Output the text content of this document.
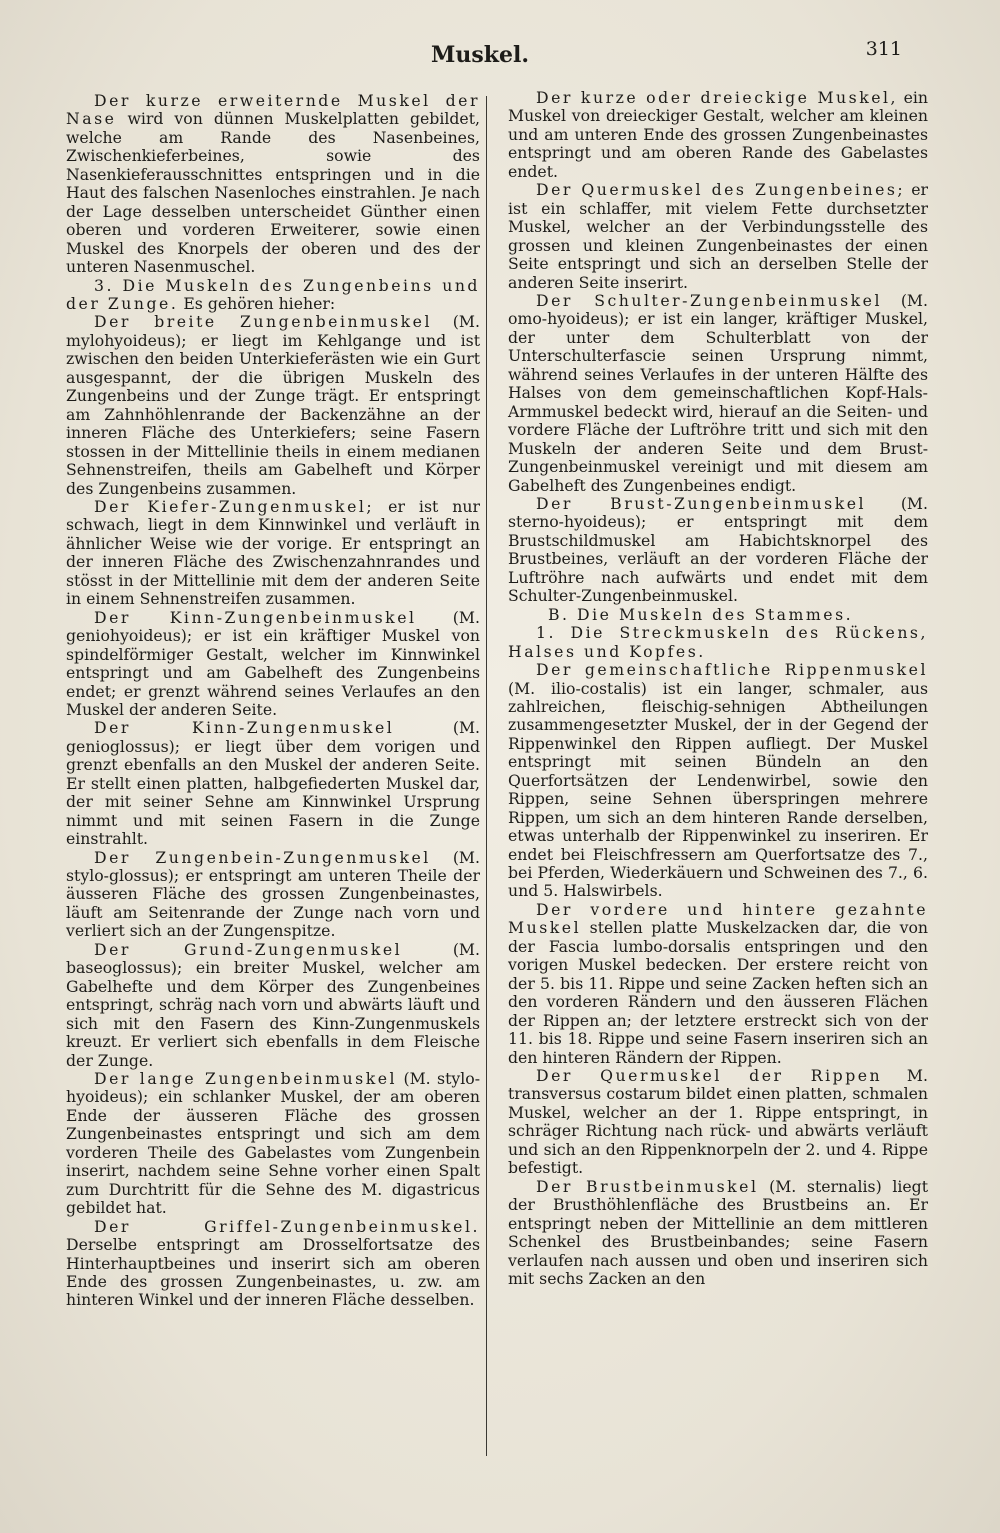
Muskel.	311

Der kurze erweiternde Muskel der Nase wird von dünnen Muskelplatten gebildet, welche am Rande des Nasenbeines, Zwischenkieferbeines, sowie des Nasenkieferausschnittes entspringen und in die Haut des falschen Nasenloches einstrahlen. Je nach der Lage desselben unterscheidet Günther einen oberen und vorderen Erweiterer, sowie einen Muskel des Knorpels der oberen und des der unteren Nasenmuschel.

3. Die Muskeln des Zungenbeins und der Zunge. Es gehören hieher:

Der breite Zungenbeinmuskel (M. mylohyoideus); er liegt im Kehlgange und ist zwischen den beiden Unterkieferästen wie ein Gurt ausgespannt, der die übrigen Muskeln des Zungenbeins und der Zunge trägt. Er entspringt am Zahnhöhlenrande der Backenzähne an der inneren Fläche des Unterkiefers; seine Fasern stossen in der Mittellinie theils in einem medianen Sehnenstreifen, theils am Gabelheft und Körper des Zungenbeins zusammen.

Der Kiefer-Zungenmuskel; er ist nur schwach, liegt in dem Kinnwinkel und verläuft in ähnlicher Weise wie der vorige. Er entspringt an der inneren Fläche des Zwischenzahnrandes und stösst in der Mittellinie mit dem der anderen Seite in einem Sehnenstreifen zusammen.

Der Kinn-Zungenbeinmuskel (M. geniohyoideus); er ist ein kräftiger Muskel von spindelförmiger Gestalt, welcher im Kinnwinkel entspringt und am Gabelheft des Zungenbeins endet; er grenzt während seines Verlaufes an den Muskel der anderen Seite.

Der Kinn-Zungenmuskel (M. genioglossus); er liegt über dem vorigen und grenzt ebenfalls an den Muskel der anderen Seite. Er stellt einen platten, halbgefiederten Muskel dar, der mit seiner Sehne am Kinnwinkel Ursprung nimmt und mit seinen Fasern in die Zunge einstrahlt.

Der Zungenbein-Zungenmuskel (M. stylo-glossus); er entspringt am unteren Theile der äusseren Fläche des grossen Zungenbeinastes, läuft am Seitenrande der Zunge nach vorn und verliert sich an der Zungenspitze.

Der Grund-Zungenmuskel (M. baseoglossus); ein breiter Muskel, welcher am Gabelhefte und dem Körper des Zungenbeines entspringt, schräg nach vorn und abwärts läuft und sich mit den Fasern des Kinn-Zungenmuskels kreuzt. Er verliert sich ebenfalls in dem Fleische der Zunge.

Der lange Zungenbeinmuskel (M. stylo-hyoideus); ein schlanker Muskel, der am oberen Ende der äusseren Fläche des grossen Zungenbeinastes entspringt und sich am dem vorderen Theile des Gabelastes vom Zungenbein inserirt, nachdem seine Sehne vorher einen Spalt zum Durchtritt für die Sehne des M. digastricus gebildet hat.

Der Griffel-Zungenbeinmuskel. Derselbe entspringt am Drosselfortsatze des Hinterhauptbeines und inserirt sich am oberen Ende des grossen Zungenbeinastes, u. zw. am hinteren Winkel und der inneren Fläche desselben.

Der kurze oder dreieckige Muskel, ein Muskel von dreieckiger Gestalt, welcher am kleinen und am unteren Ende des grossen Zungenbeinastes entspringt und am oberen Rande des Gabelastes endet.

Der Quermuskel des Zungenbeines; er ist ein schlaffer, mit vielem Fette durchsetzter Muskel, welcher an der Verbindungsstelle des grossen und kleinen Zungenbeinastes der einen Seite entspringt und sich an derselben Stelle der anderen Seite inserirt.

Der Schulter-Zungenbeinmuskel (M. omo-hyoideus); er ist ein langer, kräftiger Muskel, der unter dem Schulterblatt von der Unterschulterfascie seinen Ursprung nimmt, während seines Verlaufes in der unteren Hälfte des Halses von dem gemeinschaftlichen Kopf-Hals-Armmuskel bedeckt wird, hierauf an die Seiten- und vordere Fläche der Luftröhre tritt und sich mit den Muskeln der anderen Seite und dem Brust-Zungenbeinmuskel vereinigt und mit diesem am Gabelheft des Zungenbeines endigt.

Der Brust-Zungenbeinmuskel (M. sterno-hyoideus); er entspringt mit dem Brustschildmuskel am Habichtsknorpel des Brustbeines, verläuft an der vorderen Fläche der Luftröhre nach aufwärts und endet mit dem Schulter-Zungenbeinmuskel.

B. Die Muskeln des Stammes.

1. Die Streckmuskeln des Rückens, Halses und Kopfes.

Der gemeinschaftliche Rippenmuskel (M. ilio-costalis) ist ein langer, schmaler, aus zahlreichen, fleischig-sehnigen Abtheilungen zusammengesetzter Muskel, der in der Gegend der Rippenwinkel den Rippen aufliegt. Der Muskel entspringt mit seinen Bündeln an den Querfortsätzen der Lendenwirbel, sowie den Rippen, seine Sehnen überspringen mehrere Rippen, um sich an dem hinteren Rande derselben, etwas unterhalb der Rippenwinkel zu inseriren. Er endet bei Fleischfressern am Querfortsatze des 7., bei Pferden, Wiederkäuern und Schweinen des 7., 6. und 5. Halswirbels.

Der vordere und hintere gezahnte Muskel stellen platte Muskelzacken dar, die von der Fascia lumbo-dorsalis entspringen und den vorigen Muskel bedecken. Der erstere reicht von der 5. bis 11. Rippe und seine Zacken heften sich an den vorderen Rändern und den äusseren Flächen der Rippen an; der letztere erstreckt sich von der 11. bis 18. Rippe und seine Fasern inseriren sich an den hinteren Rändern der Rippen.

Der Quermuskel der Rippen M. transversus costarum bildet einen platten, schmalen Muskel, welcher an der 1. Rippe entspringt, in schräger Richtung nach rück- und abwärts verläuft und sich an den Rippenknorpeln der 2. und 4. Rippe befestigt.

Der Brustbeinmuskel (M. sternalis) liegt der Brusthöhlenfläche des Brustbeins an. Er entspringt neben der Mittellinie an dem mittleren Schenkel des Brustbeinbandes; seine Fasern verlaufen nach aussen und oben und inseriren sich mit sechs Zacken an den
